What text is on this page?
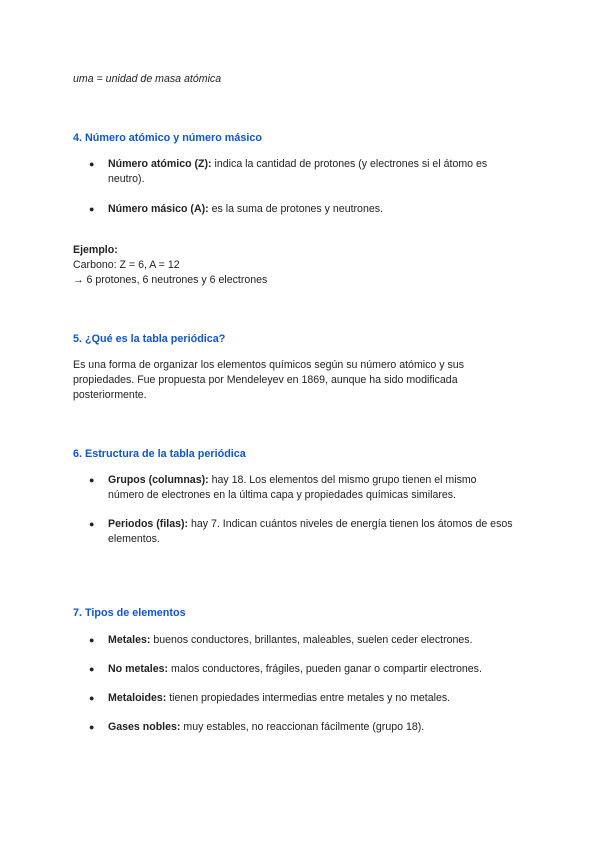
uma = unidad de masa atómica
4. Número atómico y número másico
● Número atómico (Z): indica la cantidad de protones (y electrones si el átomo es neutro).
● Número másico (A): es la suma de protones y neutrones.

Ejemplo:

Carbono: Z = 6, A = 12

→ 6 protones, 6 neutrones y 6 electrones

5. ¿Qué es la tabla periódica?

Es una forma de organizar los elementos químicos según su número atómico y sus propiedades. Fue propuesta por Mendeleyev en 1869, aunque ha sido modificada posteriormente.

6. Estructura de la tabla periódica
● Grupos (columnas): hay 18. Los elementos del mismo grupo tienen el mismo número de electrones en la última capa y propiedades químicas similares.
● Periodos (filas): hay 7. Indican cuántos niveles de energía tienen los átomos de esos elementos.
7. Tipos de elementos
● Metales: buenos conductores, brillantes, maleables, suelen ceder electrones.
● No metales: malos conductores, frágiles, pueden ganar o compartir electrones.
● Metaloides: tienen propiedades intermedias entre metales y no metales.
● Gases nobles: muy estables, no reaccionan fácilmente (grupo 18).
